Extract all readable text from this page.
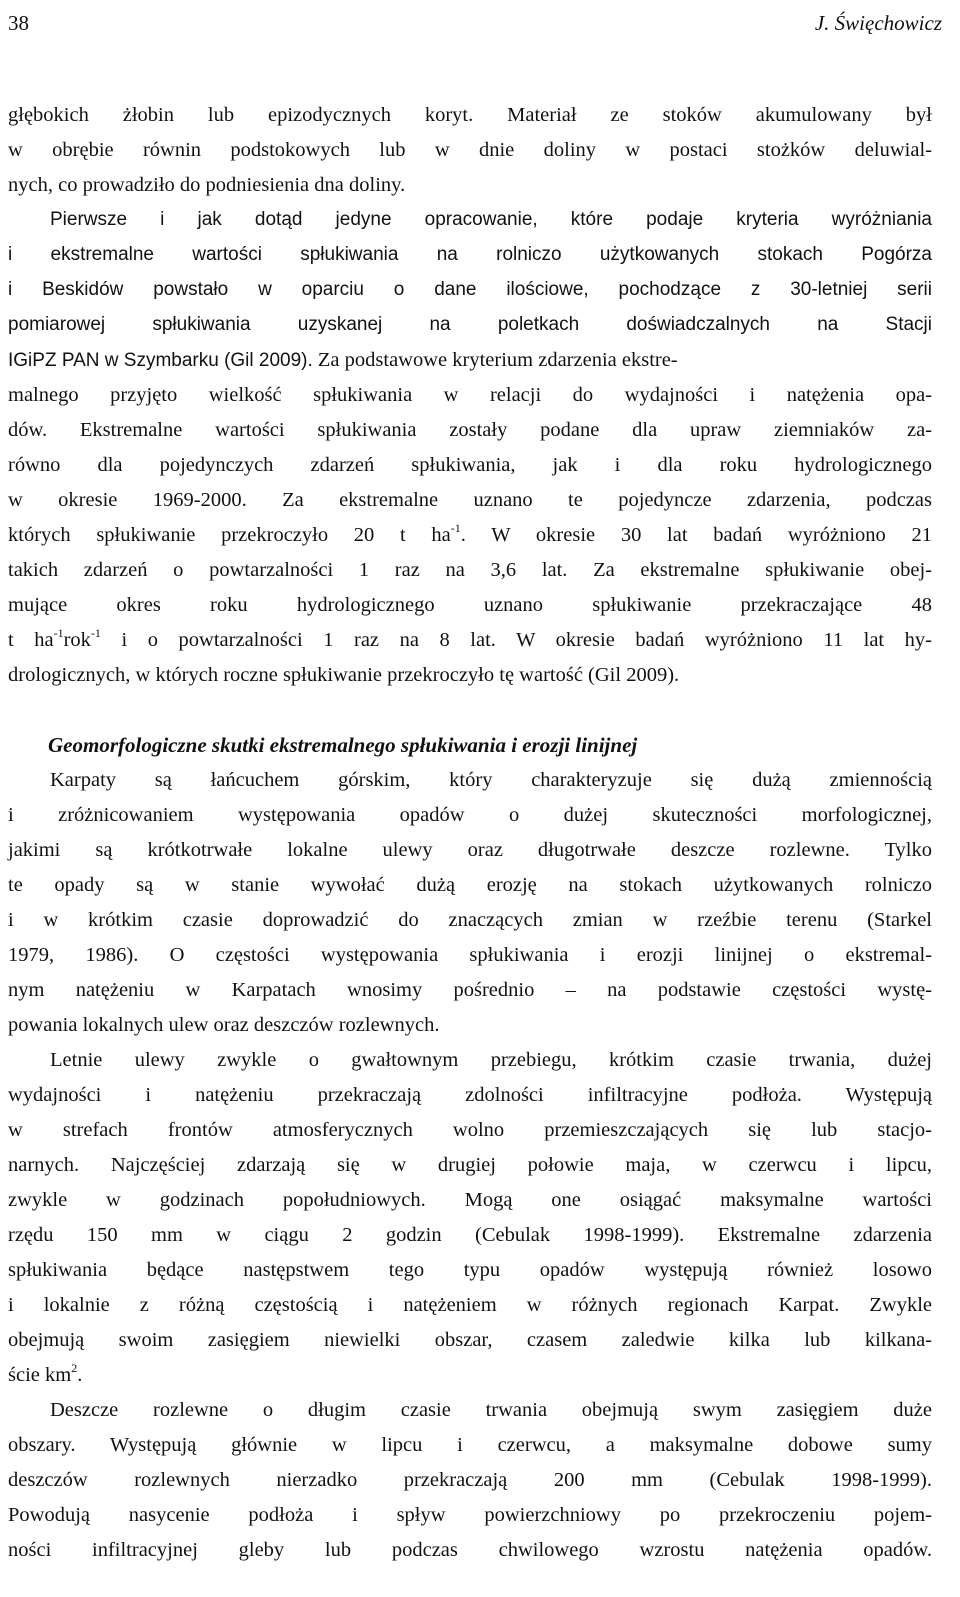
38	J. Święchowicz
głębokich żłobin lub epizodycznych koryt. Materiał ze stoków akumulowany był
w obrębie równin podstokowych lub w dnie doliny w postaci stożków deluwial-
nych, co prowadziło do podniesienia dna doliny.
Pierwsze i jak dotąd jedyne opracowanie, które podaje kryteria wyróżniania
i ekstremalne wartości spłukiwania na rolniczo użytkowanych stokach Pogórza
i Beskidów powstało w oparciu o dane ilościowe, pochodzące z 30-letniej serii
pomiarowej spłukiwania uzyskanej na poletkach doświadczalnych na Stacji
IGiPZ PAN w Szymbarku (Gil 2009). Za podstawowe kryterium zdarzenia ekstre-
malnego przyjęto wielkość spłukiwania w relacji do wydajności i natężenia opa-
dów. Ekstremalne wartości spłukiwania zostały podane dla upraw ziemniaków za-
równo dla pojedynczych zdarzeń spłukiwania, jak i dla roku hydrologicznego
w okresie 1969-2000. Za ekstremalne uznano te pojedyncze zdarzenia, podczas
których spłukiwanie przekroczyło 20 t $ha^{-1}$. W okresie 30 lat badań wyróżniono 21
takich zdarzeń o powtarzalności 1 raz na 3,6 lat. Za ekstremalne spłukiwanie obej-
mujące okres roku hydrologicznego uznano spłukiwanie przekraczające 48
t $ha^{-1}rok^{-1}$ i o powtarzalności 1 raz na 8 lat. W okresie badań wyróżniono 11 lat hy-
drologicznych, w których roczne spłukiwanie przekroczyło tę wartość (Gil 2009).
Geomorfologiczne skutki ekstremalnego spłukiwania i erozji linijnej
Karpaty są łańcuchem górskim, który charakteryzuje się dużą zmiennością
i zróżnicowaniem występowania opadów o dużej skuteczności morfologicznej,
jakimi są krótkotrwałe lokalne ulewy oraz długotrwałe deszcze rozlewne. Tylko
te opady są w stanie wywołać dużą erozję na stokach użytkowanych rolniczo
i w krótkim czasie doprowadzić do znaczących zmian w rzeźbie terenu (Starkel
1979, 1986). O częstości występowania spłukiwania i erozji linijnej o ekstremal-
nym natężeniu w Karpatach wnosimy pośrednio – na podstawie częstości wystę-
powania lokalnych ulew oraz deszczów rozlewnych.
Letnie ulewy zwykle o gwałtownym przebiegu, krótkim czasie trwania, dużej
wydajności i natężeniu przekraczają zdolności infiltracyjne podłoża. Występują
w strefach frontów atmosferycznych wolno przemieszczających się lub stacjo-
narnych. Najczęściej zdarzają się w drugiej połowie maja, w czerwcu i lipcu,
zwykle w godzinach popołudniowych. Mogą one osiągać maksymalne wartości
rzędu 150 mm w ciągu 2 godzin (Cebulak 1998-1999). Ekstremalne zdarzenia
spłukiwania będące następstwem tego typu opadów występują również losowo
i lokalnie z różną częstością i natężeniem w różnych regionach Karpat. Zwykle
obejmują swoim zasięgiem niewielki obszar, czasem zaledwie kilka lub kilkana-
ście $km^2$.
Deszcze rozlewne o długim czasie trwania obejmują swym zasięgiem duże
obszary. Występują głównie w lipcu i czerwcu, a maksymalne dobowe sumy
deszczów rozlewnych nierzadko przekraczają 200 mm (Cebulak 1998-1999).
Powodują nasycenie podłoża i spływ powierzchniowy po przekroczeniu pojem-
ności infiltracyjnej gleby lub podczas chwilowego wzrostu natężenia opadów.
